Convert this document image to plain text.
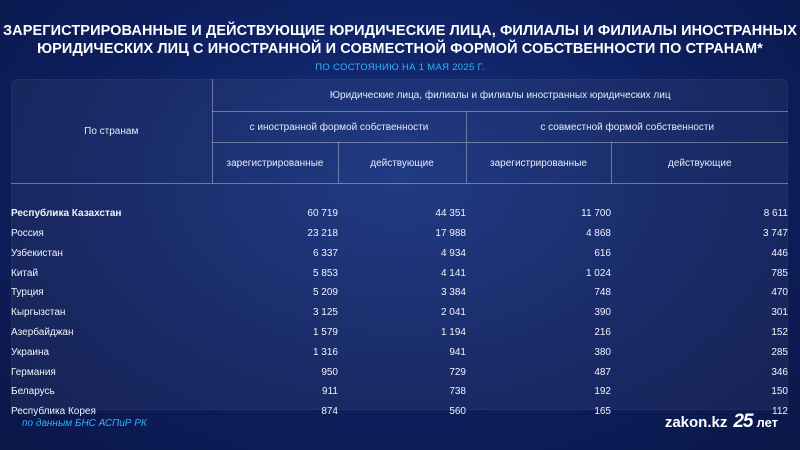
ЗАРЕГИСТРИРОВАННЫЕ И ДЕЙСТВУЮЩИЕ ЮРИДИЧЕСКИЕ ЛИЦА, ФИЛИАЛЫ И ФИЛИАЛЫ ИНОСТРАННЫХ
ЮРИДИЧЕСКИХ ЛИЦ С ИНОСТРАННОЙ И СОВМЕСТНОЙ ФОРМОЙ СОБСТВЕННОСТИ ПО СТРАНАМ*
ПО СОСТОЯНИЮ НА 1 МАЯ 2025 Г.
По странам	Юридические лица, филиалы и филиалы иностранных юридических лиц			
	с иностранной формой собственности		с совместной формой собственности	
	зарегистрированные	действующие	зарегистрированные	действующие

Республика Казахстан	60 719	44 351	11 700	8 611
Россия	23 218	17 988	4 868	3 747
Узбекистан	6 337	4 934	616	446
Китай	5 853	4 141	1 024	785
Турция	5 209	3 384	748	470
Кыргызстан	3 125	2 041	390	301
Азербайджан	1 579	1 194	216	152
Украина	1 316	941	380	285
Германия	950	729	487	346
Беларусь	911	738	192	150
Республика Корея	874	560	165	112
по данным БНС АСПиР РК	zakon.kz 25 лет
